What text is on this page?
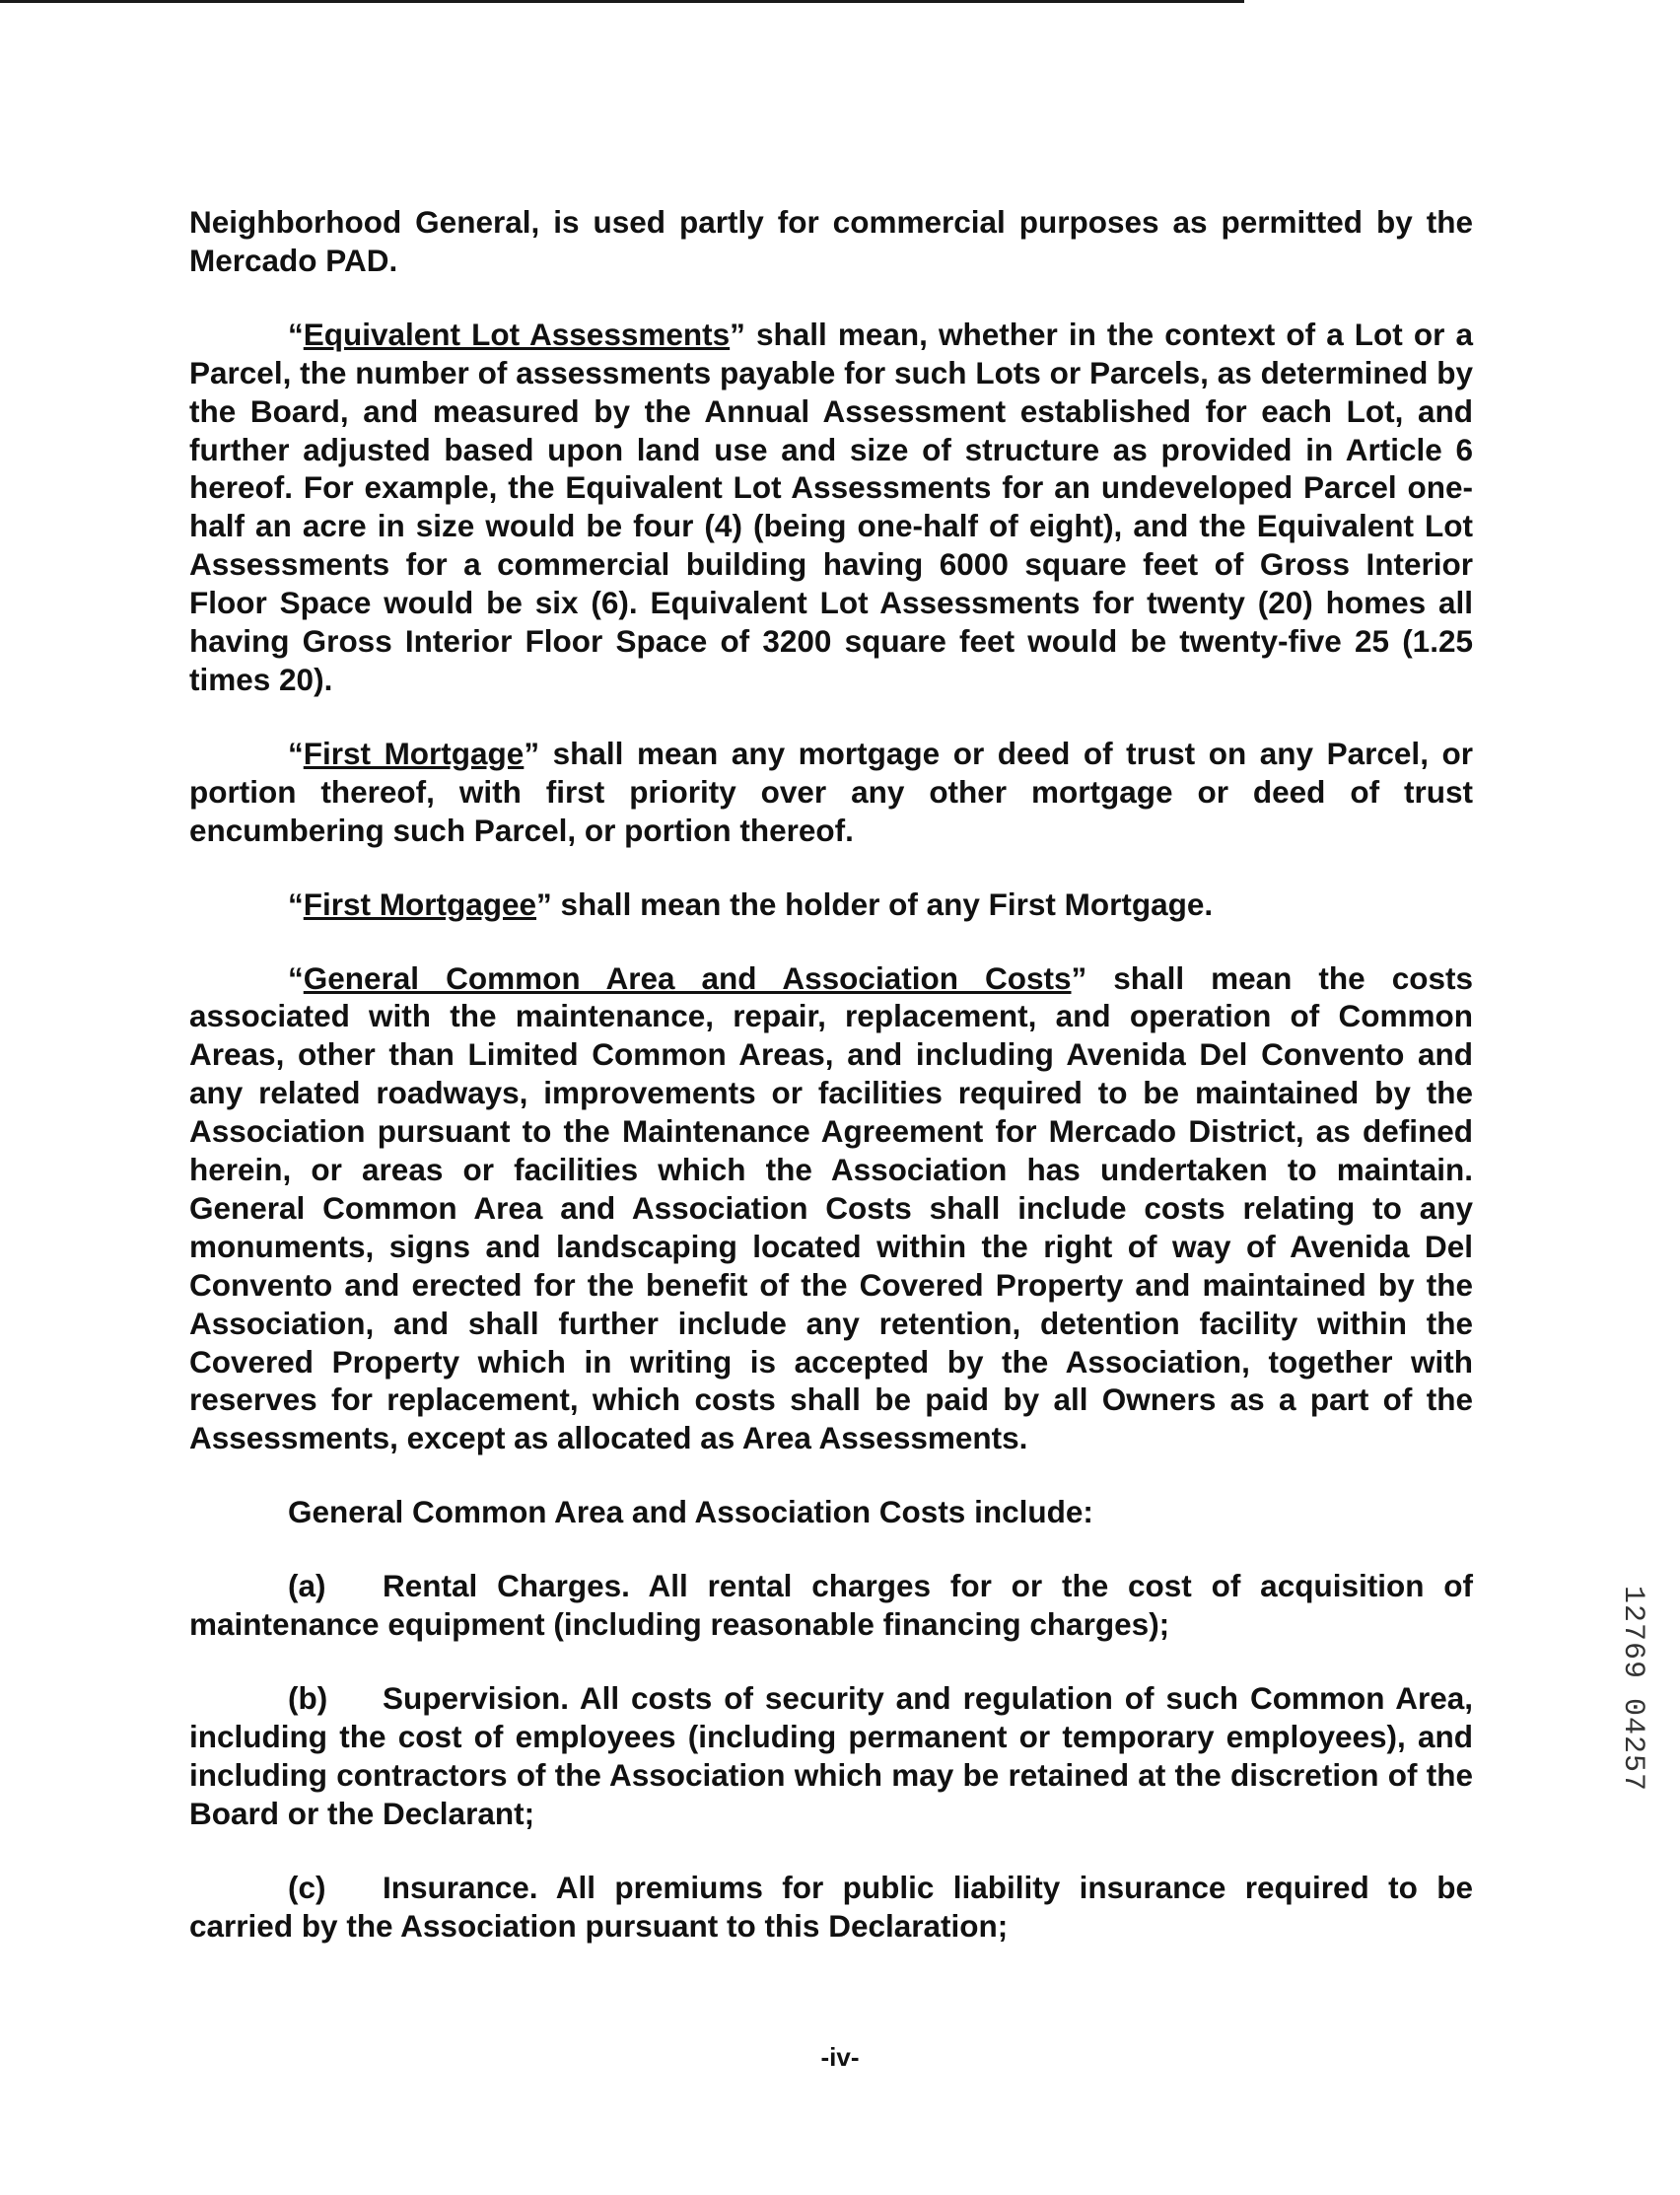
Neighborhood General, is used partly for commercial purposes as permitted by the Mercado PAD.

“Equivalent Lot Assessments” shall mean, whether in the context of a Lot or a Parcel, the number of assessments payable for such Lots or Parcels, as determined by the Board, and measured by the Annual Assessment established for each Lot, and further adjusted based upon land use and size of structure as provided in Article 6 hereof. For example, the Equivalent Lot Assessments for an undeveloped Parcel one-half an acre in size would be four (4) (being one-half of eight), and the Equivalent Lot Assessments for a commercial building having 6000 square feet of Gross Interior Floor Space would be six (6). Equivalent Lot Assessments for twenty (20) homes all having Gross Interior Floor Space of 3200 square feet would be twenty-five 25 (1.25 times 20).

“First Mortgage” shall mean any mortgage or deed of trust on any Parcel, or portion thereof, with first priority over any other mortgage or deed of trust encumbering such Parcel, or portion thereof.

“First Mortgagee” shall mean the holder of any First Mortgage.

“General Common Area and Association Costs” shall mean the costs associated with the maintenance, repair, replacement, and operation of Common Areas, other than Limited Common Areas, and including Avenida Del Convento and any related roadways, improvements or facilities required to be maintained by the Association pursuant to the Maintenance Agreement for Mercado District, as defined herein, or areas or facilities which the Association has undertaken to maintain. General Common Area and Association Costs shall include costs relating to any monuments, signs and landscaping located within the right of way of Avenida Del Convento and erected for the benefit of the Covered Property and maintained by the Association, and shall further include any retention, detention facility within the Covered Property which in writing is accepted by the Association, together with reserves for replacement, which costs shall be paid by all Owners as a part of the Assessments, except as allocated as Area Assessments.

General Common Area and Association Costs include:

(a) Rental Charges. All rental charges for or the cost of acquisition of maintenance equipment (including reasonable financing charges);

(b) Supervision. All costs of security and regulation of such Common Area, including the cost of employees (including permanent or temporary employees), and including contractors of the Association which may be retained at the discretion of the Board or the Declarant;

(c) Insurance. All premiums for public liability insurance required to be carried by the Association pursuant to this Declaration;

12769 04257
-iv-
